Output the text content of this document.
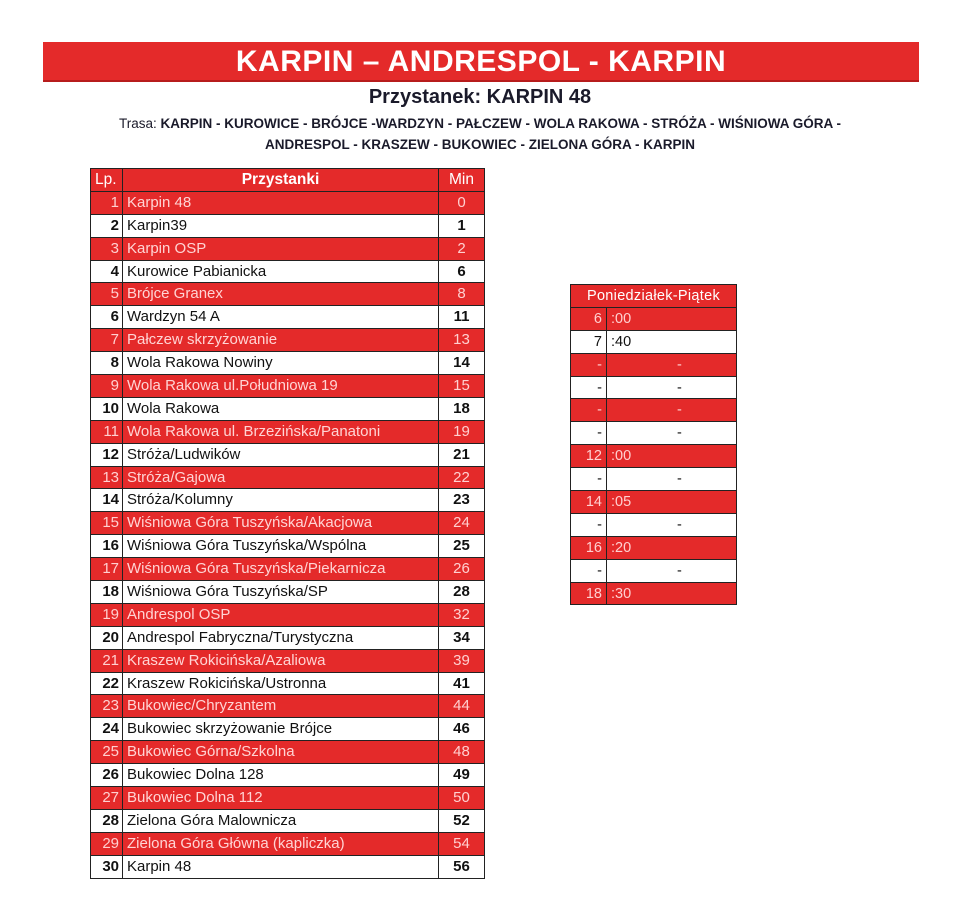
KARPIN – ANDRESPOL - KARPIN
Przystanek: KARPIN 48
Trasa: KARPIN - KUROWICE - BRÓJCE -WARDZYN - PAŁCZEW - WOLA RAKOWA - STRÓŻA - WIŚNIOWA GÓRA -
ANDRESPOL - KRASZEW - BUKOWIEC - ZIELONA GÓRA - KARPIN
Lp.	Przystanki	Min
1	Karpin 48	0
2	Karpin39	1
3	Karpin OSP	2
4	Kurowice Pabianicka	6
5	Brójce Granex	8
6	Wardzyn 54 A	11
7	Pałczew skrzyżowanie	13
8	Wola Rakowa Nowiny	14
9	Wola Rakowa ul.Południowa 19	15
10	Wola Rakowa	18
11	Wola Rakowa ul. Brzezińska/Panatoni	19
12	Stróża/Ludwików	21
13	Stróża/Gajowa	22
14	Stróża/Kolumny	23
15	Wiśniowa Góra Tuszyńska/Akacjowa	24
16	Wiśniowa Góra Tuszyńska/Wspólna	25
17	Wiśniowa Góra Tuszyńska/Piekarnicza	26
18	Wiśniowa Góra Tuszyńska/SP	28
19	Andrespol OSP	32
20	Andrespol Fabryczna/Turystyczna	34
21	Kraszew Rokicińska/Azaliowa	39
22	Kraszew Rokicińska/Ustronna	41
23	Bukowiec/Chryzantem	44
24	Bukowiec skrzyżowanie Brójce	46
25	Bukowiec Górna/Szkolna	48
26	Bukowiec Dolna 128	49
27	Bukowiec Dolna 112	50
28	Zielona Góra Malownicza	52
29	Zielona Góra Główna (kapliczka)	54
30	Karpin 48	56
Poniedziałek-Piątek	
6	:00
7	:40
-	-
-	-
-	-
-	-
12	:00
-	-
14	:05
-	-
16	:20
-	-
18	:30
